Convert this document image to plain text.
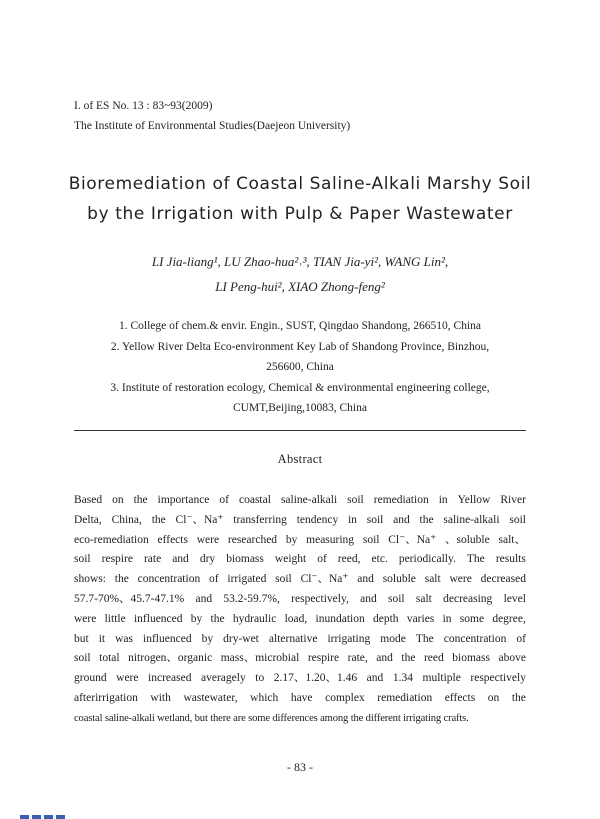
I. of ES No. 13 : 83~93(2009)
The Institute of Environmental Studies(Daejeon University)
Bioremediation of Coastal Saline-Alkali Marshy Soil
by the Irrigation with Pulp & Paper Wastewater
LI Jia-liang¹, LU Zhao-hua²˒³, TIAN Jia-yi², WANG Lin²,
LI Peng-hui², XIAO Zhong-feng²
1. College of chem.& envir. Engin., SUST, Qingdao Shandong, 266510, China
2. Yellow River Delta Eco-environment Key Lab of Shandong Province, Binzhou,
256600, China
3. Institute of restoration ecology, Chemical & environmental engineering college,
CUMT,Beijing,10083, China
Abstract
Based on the importance of coastal saline-alkali soil remediation in Yellow River
Delta, China, the Cl⁻、Na⁺ transferring tendency in soil and the saline-alkali soil
eco-remediation effects were researched by measuring soil Cl⁻、Na⁺ 、soluble salt、
soil respire rate and dry biomass weight of reed, etc. periodically. The results
shows: the concentration of irrigated soil Cl⁻、Na⁺ and soluble salt were decreased
57.7-70%、45.7-47.1% and 53.2-59.7%, respectively, and soil salt decreasing level
were little influenced by the hydraulic load, inundation depth varies in some degree,
but it was influenced by dry-wet alternative irrigating mode The concentration of
soil total nitrogen、organic mass、microbial respire rate, and the reed biomass above
ground were increased averagely to 2.17、1.20、1.46 and 1.34 multiple respectively
afterirrigation with wastewater, which have complex remediation effects on the
coastal saline-alkali wetland, but there are some differences among the different irrigating crafts.
- 83 -
